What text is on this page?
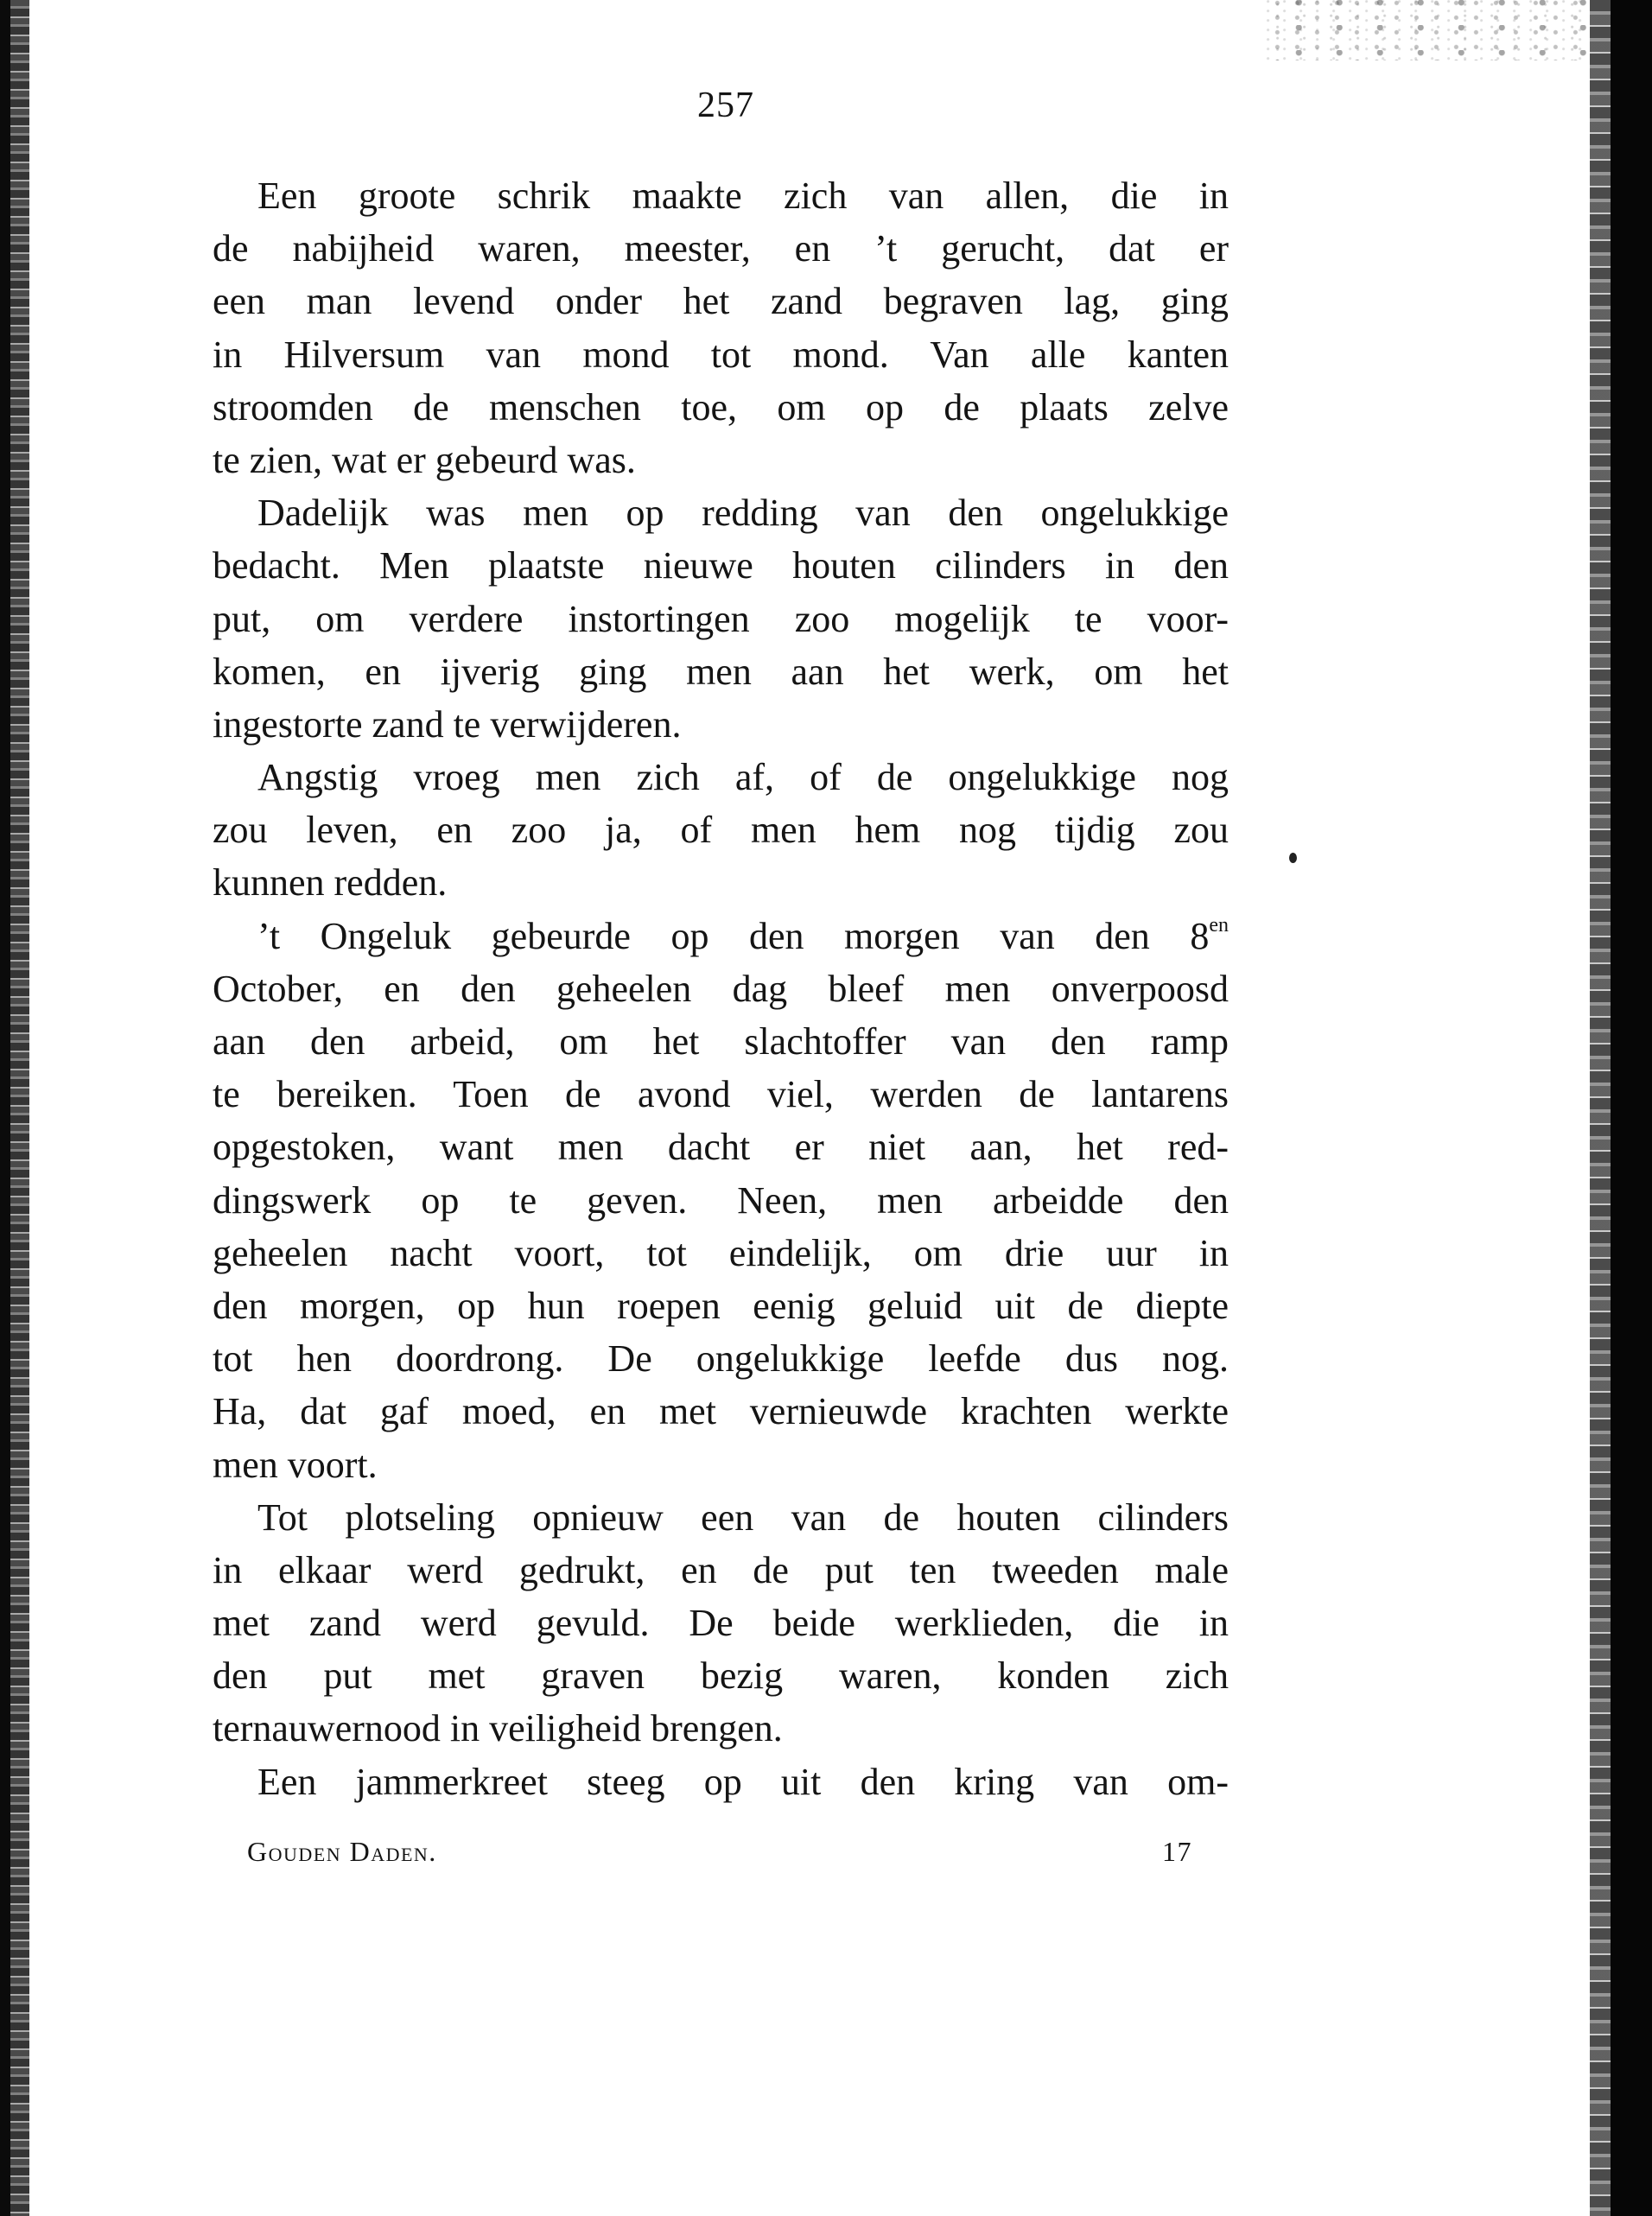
257
Een groote schrik maakte zich van allen, die in
de nabijheid waren, meester, en ’t gerucht, dat er
een man levend onder het zand begraven lag, ging
in Hilversum van mond tot mond. Van alle kanten
stroomden de menschen toe, om op de plaats zelve
te zien, wat er gebeurd was.
Dadelijk was men op redding van den ongelukkige
bedacht. Men plaatste nieuwe houten cilinders in den
put, om verdere instortingen zoo mogelijk te voor-
komen, en ijverig ging men aan het werk, om het
ingestorte zand te verwijderen.
Angstig vroeg men zich af, of de ongelukkige nog
zou leven, en zoo ja, of men hem nog tijdig zou
kunnen redden.
’t Ongeluk gebeurde op den morgen van den $8^{en}$
October, en den geheelen dag bleef men onverpoosd
aan den arbeid, om het slachtoffer van den ramp
te bereiken. Toen de avond viel, werden de lantarens
opgestoken, want men dacht er niet aan, het red-
dingswerk op te geven. Neen, men arbeidde den
geheelen nacht voort, tot eindelijk, om drie uur in
den morgen, op hun roepen eenig geluid uit de diepte
tot hen doordrong. De ongelukkige leefde dus nog.
Ha, dat gaf moed, en met vernieuwde krachten werkte
men voort.
Tot plotseling opnieuw een van de houten cilinders
in elkaar werd gedrukt, en de put ten tweeden male
met zand werd gevuld. De beide werklieden, die in
den put met graven bezig waren, konden zich
ternauwernood in veiligheid brengen.
Een jammerkreet steeg op uit den kring van om-
Gouden Daden.	17
